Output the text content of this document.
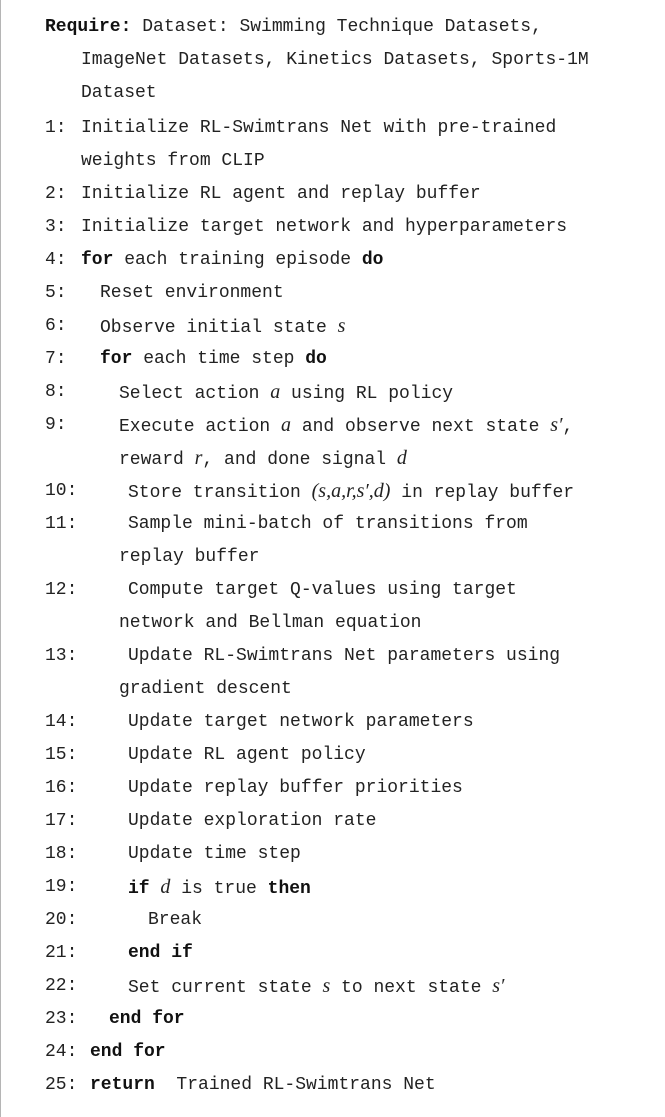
Require: Dataset: Swimming Technique Datasets,
ImageNet Datasets, Kinetics Datasets, Sports-1M
Dataset
1: Initialize RL-Swimtrans Net with pre-trained
weights from CLIP
2: Initialize RL agent and replay buffer
3: Initialize target network and hyperparameters
4: for each training episode do
5: Reset environment
6: Observe initial state s
7: for each time step do
8:	Select action a using RL policy
9:	Execute action a and observe next state s′,
reward r, and done signal d
10:	Store transition (s,a,r,s′,d) in replay buffer
11:	Sample mini-batch of transitions from
replay buffer
12:	Compute target Q-values using target
network and Bellman equation
13:	Update RL-Swimtrans Net parameters using
gradient descent
14:	Update target network parameters
15:	Update RL agent policy
16:	Update replay buffer priorities
17:	Update exploration rate
18:	Update time step
19:	if d is true then
20:	Break
21:	end if
22:	Set current state s to next state s′
23: end for
24: end for
25: return  Trained RL-Swimtrans Net
